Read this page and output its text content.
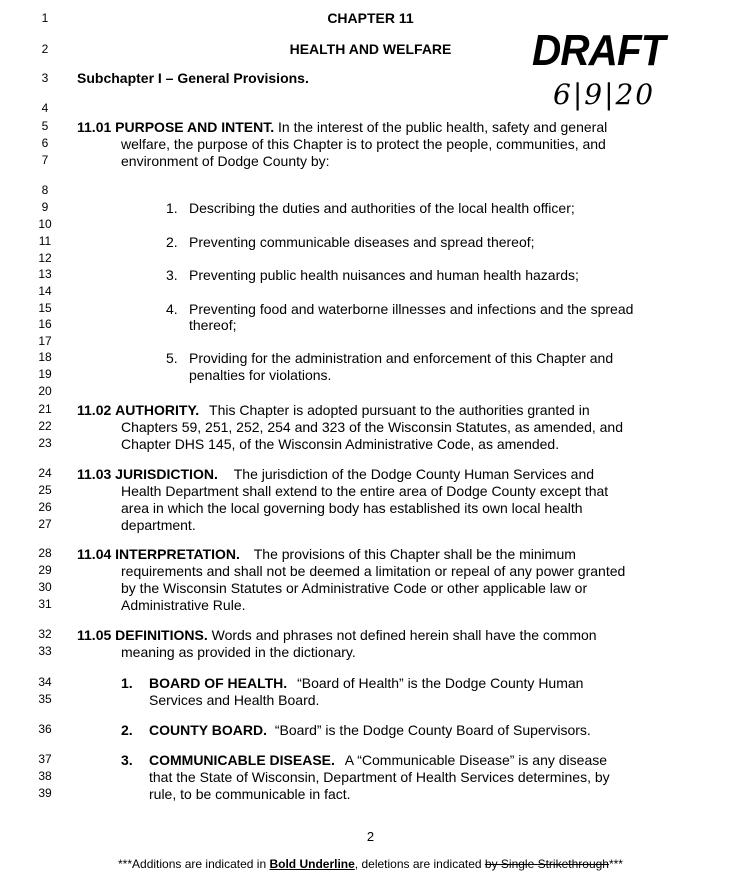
1
2
3
4
5
6
7
8
9
10
11
12
13
14
15
16
17
18
19
20
21
22
23
24
25
26
27
28
29
30
31
32
33
34
35
36
37
38
39
CHAPTER 11
HEALTH AND WELFARE
Subchapter I – General Provisions.
DRAFT
6|9|20
11.01 PURPOSE AND INTENT. In the interest of the public health, safety and general
welfare, the purpose of this Chapter is to protect the people, communities, and
environment of Dodge County by:
1. Describing the duties and authorities of the local health officer;
2. Preventing communicable diseases and spread thereof;
3. Preventing public health nuisances and human health hazards;
4. Preventing food and waterborne illnesses and infections and the spread
thereof;
5. Providing for the administration and enforcement of this Chapter and
penalties for violations.
11.02 AUTHORITY. This Chapter is adopted pursuant to the authorities granted in
Chapters 59, 251, 252, 254 and 323 of the Wisconsin Statutes, as amended, and
Chapter DHS 145, of the Wisconsin Administrative Code, as amended.
11.03 JURISDICTION. The jurisdiction of the Dodge County Human Services and
Health Department shall extend to the entire area of Dodge County except that
area in which the local governing body has established its own local health
department.
11.04 INTERPRETATION. The provisions of this Chapter shall be the minimum
requirements and shall not be deemed a limitation or repeal of any power granted
by the Wisconsin Statutes or Administrative Code or other applicable law or
Administrative Rule.
11.05 DEFINITIONS. Words and phrases not defined herein shall have the common
meaning as provided in the dictionary.
1. BOARD OF HEALTH. “Board of Health” is the Dodge County Human
Services and Health Board.
2. COUNTY BOARD. “Board” is the Dodge County Board of Supervisors.
3. COMMUNICABLE DISEASE. A “Communicable Disease” is any disease
that the State of Wisconsin, Department of Health Services determines, by
rule, to be communicable in fact.
2
***Additions are indicated in Bold Underline, deletions are indicated by Single Strikethrough***
